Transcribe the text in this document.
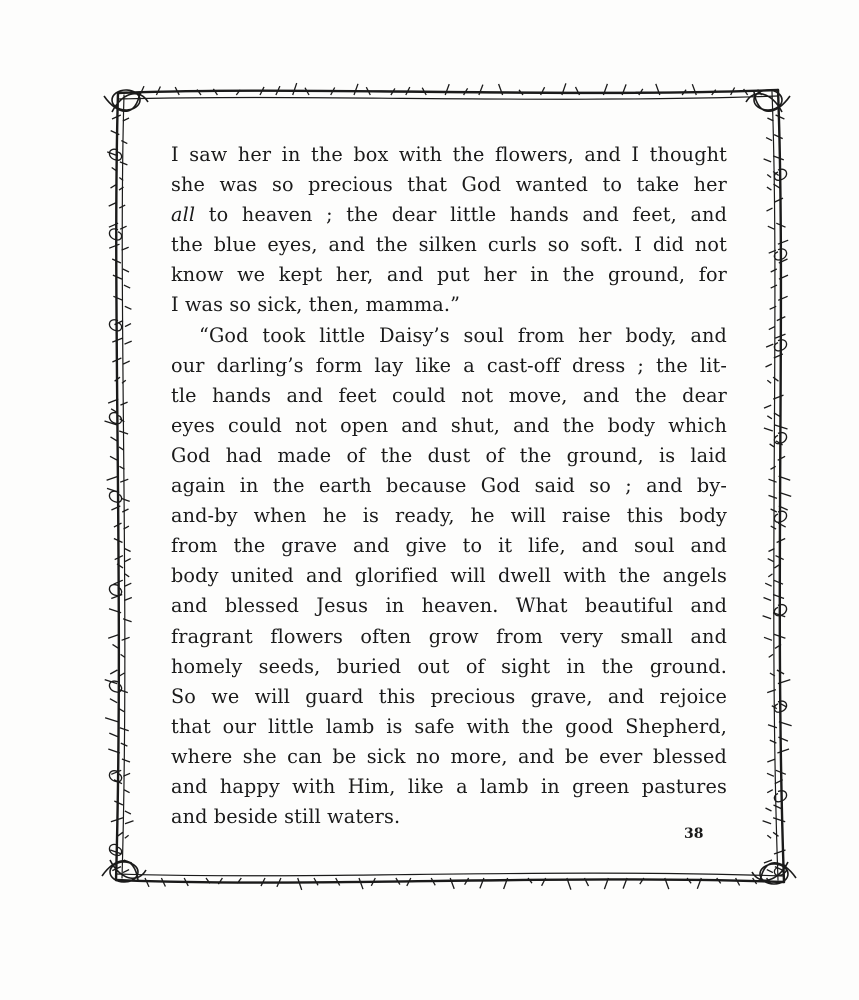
I saw her in the box with the flowers, and I thought
she was so precious that God wanted to take her
all to heaven ; the dear little hands and feet, and
the blue eyes, and the silken curls so soft. I did not
know we kept her, and put her in the ground, for
I was so sick, then, mamma.”
“God took little Daisy’s soul from her body, and
our darling’s form lay like a cast-off dress ; the lit-
tle hands and feet could not move, and the dear
eyes could not open and shut, and the body which
God had made of the dust of the ground, is laid
again in the earth because God said so ; and by-
and-by when he is ready, he will raise this body
from the grave and give to it life, and soul and
body united and glorified will dwell with the angels
and blessed Jesus in heaven. What beautiful and
fragrant flowers often grow from very small and
homely seeds, buried out of sight in the ground.
So we will guard this precious grave, and rejoice
that our little lamb is safe with the good Shepherd,
where she can be sick no more, and be ever blessed
and happy with Him, like a lamb in green pastures
and beside still waters.
38
